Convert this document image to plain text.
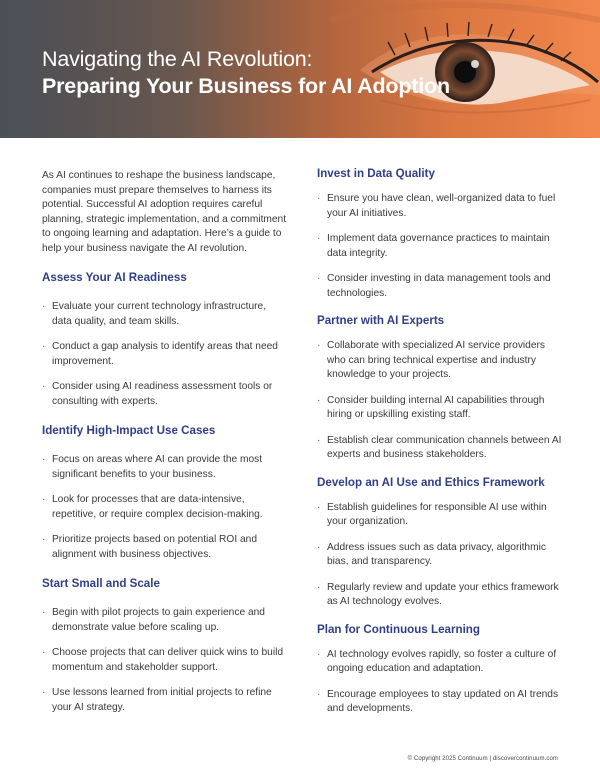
Navigating the AI Revolution:
Preparing Your Business for AI Adoption

As AI continues to reshape the business landscape, companies must prepare themselves to harness its potential. Successful AI adoption requires careful planning, strategic implementation, and a commitment to ongoing learning and adaptation. Here’s a guide to help your business navigate the AI revolution.

Assess Your AI Readiness
· Evaluate your current technology infrastructure, data quality, and team skills.
· Conduct a gap analysis to identify areas that need improvement.
· Consider using AI readiness assessment tools or consulting with experts.
Identify High-Impact Use Cases
· Focus on areas where AI can provide the most significant benefits to your business.
· Look for processes that are data-intensive, repetitive, or require complex decision-making.
· Prioritize projects based on potential ROI and alignment with business objectives.
Start Small and Scale
· Begin with pilot projects to gain experience and demonstrate value before scaling up.
· Choose projects that can deliver quick wins to build momentum and stakeholder support.
· Use lessons learned from initial projects to refine your AI strategy.
Invest in Data Quality
· Ensure you have clean, well-organized data to fuel your AI initiatives.
· Implement data governance practices to maintain data integrity.
· Consider investing in data management tools and technologies.
Partner with AI Experts
· Collaborate with specialized AI service providers who can bring technical expertise and industry knowledge to your projects.
· Consider building internal AI capabilities through hiring or upskilling existing staff.
· Establish clear communication channels between AI experts and business stakeholders.
Develop an AI Use and Ethics Framework
· Establish guidelines for responsible AI use within your organization.
· Address issues such as data privacy, algorithmic bias, and transparency.
· Regularly review and update your ethics framework as AI technology evolves.
Plan for Continuous Learning
· AI technology evolves rapidly, so foster a culture of ongoing education and adaptation.
· Encourage employees to stay updated on AI trends and developments.
© Copyright 2025 Continuum | discovercontinuum.com
